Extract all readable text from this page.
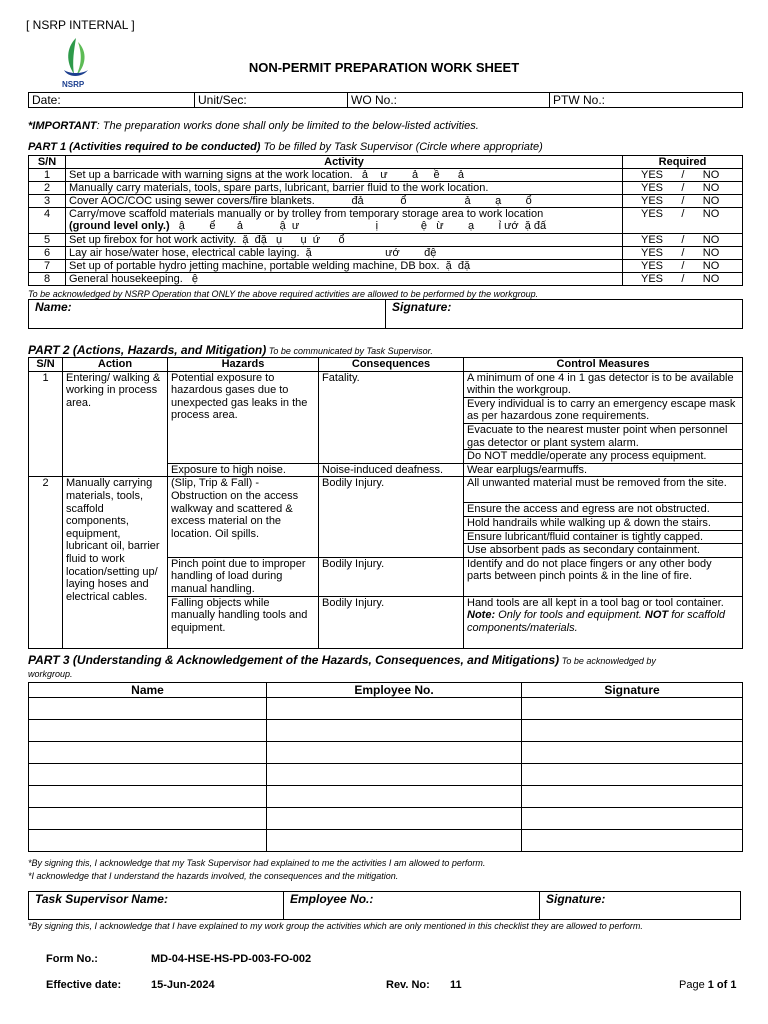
[ NSRP INTERNAL ]
NSRP
NON-PERMIT PREPARATION WORK SHEET
Date:	Unit/Sec:	WO No.:	PTW No.:
*IMPORTANT: The preparation works done shall only be limited to the below-listed activities.
PART 1 (Activities required to be conducted) To be filled by Task Supervisor (Circle where appropriate)
S/N	Activity	Required
1	Set up a barricade with warning signs at the work location.   ả    ư        ả     ề      ả	YES / NO
2	Manually carry materials, tools, spare parts, lubricant, barrier fluid to the work location.	YES / NO
3	Cover AOC/COC using sewer covers/fire blankets.            đả            ổ                   ả        ạ        ổ	YES / NO
4	Carry/move scaffold materials manually or by trolley from temporary storage area to work location
(ground level only.)   ậ        ể       ả            ậ  ư                         ị              ệ   ừ        ạ        ỉ ướ  ặ đấ	YES / NO
5	Set up firebox for hot work activity.  ặ  đặ   ụ      ụ  ứ      ổ	YES / NO
6	Lay air hose/water hose, electrical cable laying.  ặ                        ướ        đệ	YES / NO
7	Set up of portable hydro jetting machine, portable welding machine, DB box.  ặ  đặ	YES / NO
8	General housekeeping.   ệ	YES / NO
To be acknowledged by NSRP Operation that ONLY the above required activities are allowed to be performed by the workgroup.
Name:	Signature:
PART 2 (Actions, Hazards, and Mitigation) To be communicated by Task Supervisor.
S/N	Action	Hazards	Consequences	Control Measures
1	Entering/ walking & working in process area.	Potential exposure to hazardous gases due to unexpected gas leaks in the process area.	Fatality.	A minimum of one 4 in 1 gas detector is to be available within the workgroup.
				Every individual is to carry an emergency escape mask as per hazardous zone requirements.
				Evacuate to the nearest muster point when personnel gas detector or plant system alarm.
				Do NOT meddle/operate any process equipment.
		Exposure to high noise.	Noise-induced deafness.	Wear earplugs/earmuffs.
2	Manually carrying materials, tools, scaffold components, equipment, lubricant oil, barrier fluid to work location/setting up/ laying hoses and electrical cables.	(Slip, Trip & Fall) - Obstruction on the access walkway and scattered & excess material on the location. Oil spills.	Bodily Injury.	All unwanted material must be removed from the site.
				Ensure the access and egress are not obstructed.
				Hold handrails while walking up & down the stairs.
				Ensure lubricant/fluid container is tightly capped.
				Use absorbent pads as secondary containment.
		Pinch point due to improper handling of load during manual handling.	Bodily Injury.	Identify and do not place fingers or any other body parts between pinch points & in the line of fire.
		Falling objects while manually handling tools and equipment.	Bodily Injury.	Hand tools are all kept in a tool bag or tool container.
Note: Only for tools and equipment. NOT for scaffold components/materials.
PART 3 (Understanding & Acknowledgement of the Hazards, Consequences, and Mitigations) To be acknowledged by
workgroup.
Name	Employee No.	Signature

*By signing this, I acknowledge that my Task Supervisor had explained to me the activities I am allowed to perform.
*I acknowledge that I understand the hazards involved, the consequences and the mitigation.
Task Supervisor Name:	Employee No.:	Signature:
*By signing this, I acknowledge that I have explained to my work group the activities which are only mentioned in this checklist they are allowed to perform.
Form No.:	MD-04-HSE-HS-PD-003-FO-002
Effective date:	15-Jun-2024	Rev. No: 11	Page 1 of 1
